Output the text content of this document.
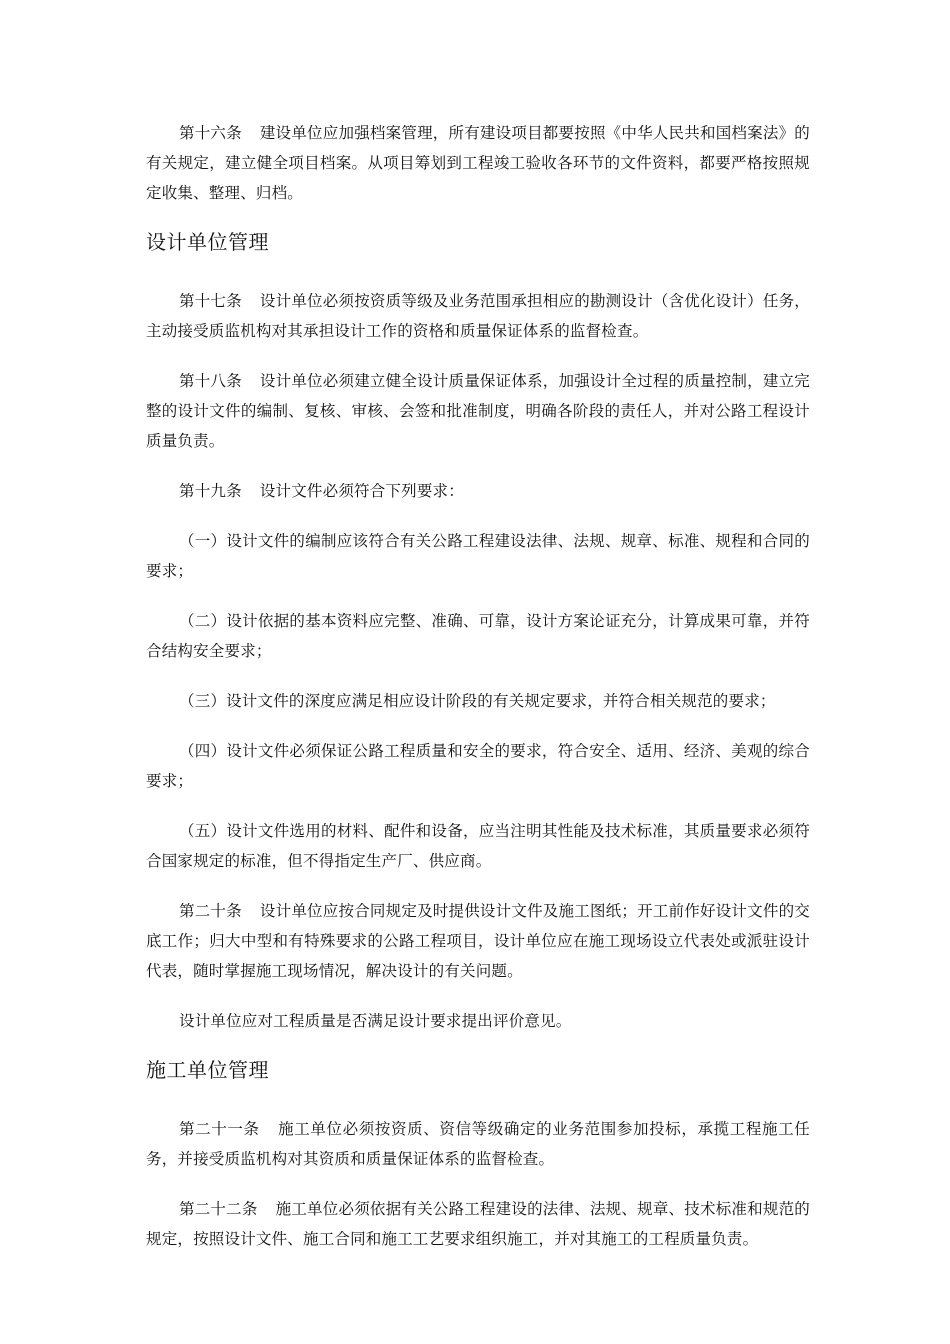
第十六条 建设单位应加强档案管理，所有建设项目都要按照《中华人民共和国档案法》的有关规定，建立健全项目档案。从项目筹划到工程竣工验收各环节的文件资料，都要严格按照规定收集、整理、归档。

设计单位管理

第十七条 设计单位必须按资质等级及业务范围承担相应的勘测设计（含优化设计）任务，主动接受质监机构对其承担设计工作的资格和质量保证体系的监督检查。

第十八条 设计单位必须建立健全设计质量保证体系，加强设计全过程的质量控制，建立完整的设计文件的编制、复核、审核、会签和批准制度，明确各阶段的责任人，并对公路工程设计质量负责。

第十九条 设计文件必须符合下列要求：

（一）设计文件的编制应该符合有关公路工程建设法律、法规、规章、标准、规程和合同的要求；

（二）设计依据的基本资料应完整、准确、可靠，设计方案论证充分，计算成果可靠，并符合结构安全要求；

（三）设计文件的深度应满足相应设计阶段的有关规定要求，并符合相关规范的要求；

（四）设计文件必须保证公路工程质量和安全的要求，符合安全、适用、经济、美观的综合要求；

（五）设计文件选用的材料、配件和设备，应当注明其性能及技术标准，其质量要求必须符合国家规定的标准，但不得指定生产厂、供应商。

第二十条 设计单位应按合同规定及时提供设计文件及施工图纸；开工前作好设计文件的交底工作；归大中型和有特殊要求的公路工程项目，设计单位应在施工现场设立代表处或派驻设计代表，随时掌握施工现场情况，解决设计的有关问题。

设计单位应对工程质量是否满足设计要求提出评价意见。

施工单位管理

第二十一条 施工单位必须按资质、资信等级确定的业务范围参加投标，承揽工程施工任务，并接受质监机构对其资质和质量保证体系的监督检查。

第二十二条 施工单位必须依据有关公路工程建设的法律、法规、规章、技术标准和规范的规定，按照设计文件、施工合同和施工工艺要求组织施工，并对其施工的工程质量负责。
